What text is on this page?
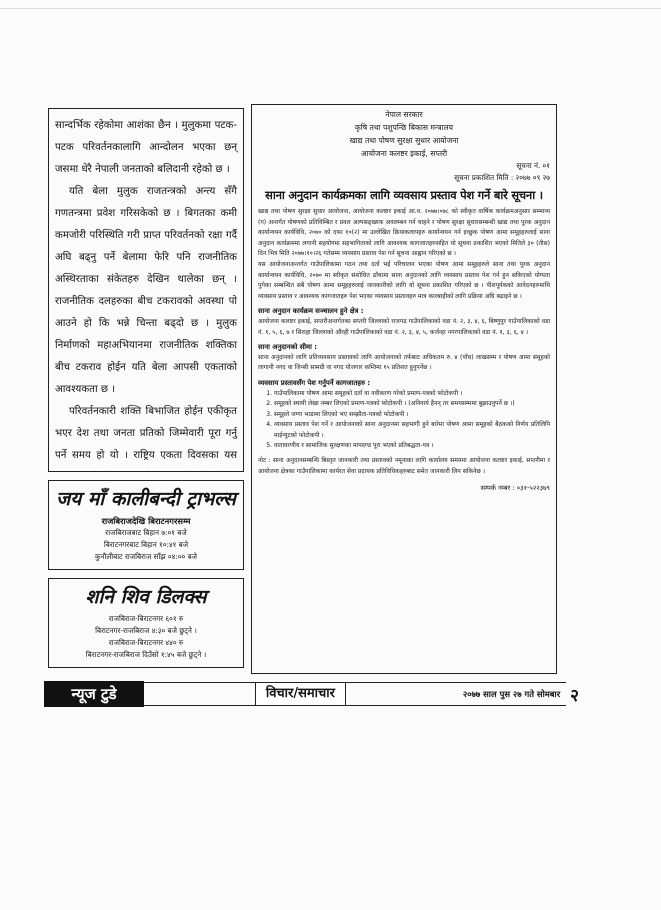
सान्दर्भिक रहेकोमा आशंका छैन । मुलुकमा पटक-पटक परिवर्तनकालागि आन्दोलन भएका छन् जसमा धेरै नेपाली जनताको बलिदानी रहेको छ ।

यति बेला मुलुक राजतन्त्रको अन्त्य सँगै गणतन्त्रमा प्रवेश गरिसकेको छ । बिगतका कमी कमजोरी परिस्थिति गरी प्राप्त परिवर्तनको रक्षा गर्दै अघि बढ्नु पर्ने बेलामा फेरि पनि राजनीतिक अस्थिरताका संकेतहरु देखिन थालेका छन् । राजनीतिक दलहरुका बीच टकरावको अवस्था पो आउने हो कि भन्ने चिन्ता बढ्दो छ । मुलुक निर्माणको महाअभियानमा राजनीतिक शक्तिका बीच टकराव होईन यति बेला आपसी एकताको आवश्यकता छ ।

परिवर्तनकारी शक्ति बिभाजित होईन एकीकृत भएर देश तथा जनता प्रतिको जिम्मेवारी पूरा गर्नु पर्ने समय हो यो । राष्ट्रिय एकता दिवसका यस

जय माँ कालीबन्दी ट्राभल्स
राजबिराजदेखि बिराटनगरसम्म
राजबिराजबाट बिहान ७:०१ बजे
बिराटनगरबाट बिहान १०:४१ बजे
कुनौलीबाट राजबिराज साँझ ०४:०० बजे
शनि शिव डिलक्स
राजबिराज-बिराटनगर ६०१ रु
बिराटनगर-राजबिराज ४:३० बजे छुट्ने ।
राजबिराज-बिराटनगर ४४० रु
बिराटनगर-राजबिराज दिउँसो १:४५ बजे छुट्ने ।
नेपाल सरकार
कृषि तथा पशुपन्छि बिकास मन्त्रालय
खाद्य तथा पोषण सुरक्षा सुधार आयोजना
आयोजना कलष्टर इकाई, सप्तरी
सूचना नं. ०१
सूचना प्रकाशित मिति : २०७७ ०९ २७
साना अनुदान कार्यक्रमका लागि व्यवसाय प्रस्ताव पेश गर्ने बारे सूचना ।

खाद्य तथा पोषण सुरक्षा सुधार आयोजना, आयोजना कलष्टर इकाई आ.व. २०७७।०७८ को स्वीकृत वार्षिक कार्यक्रमअनुसार सम्भाव्य (ग) अन्तर्गत पोषणको प्रतिविम्बित र प्रवल अल्पसङ्ख्यक अवलम्बन गर्न चाहने र पोषण सुरक्षा सुधारसम्बन्धी खाद्य तथा पूरक अनुदान कार्यान्वयन कार्यविधि, २०७० को दफा १०(२) मा उल्लेखित क्रियाकलापहरु कार्यान्वयन गर्न इच्छुक पोषण आमा समूहहरुलाई साना अनुदान कार्यक्रममा लगानी सहयोगमा सहभागिताको लागि आवश्यक कागजातहरुसहित यो सूचना प्रकाशित भएको मितिले ३० (तीस) दिन भित्र मिति २०७७।१०।२६ गतेसम्म व्यवसाय प्रस्ताव पेश गर्न सूचना आह्वान गरिएको छ ।

यस आयोजनाअन्तर्गत गाउँपालिकामा गठन तथा दर्ता भई परिचालन भएका पोषण आमा समूहहरुले साना तथा पूरक अनुदान कार्यान्वयन कार्यविधि, २०७० मा स्वीकृत संशोधित ढाँचामा साना अनुदानको लागि व्यवसाय प्रस्ताव पेश गर्न हुन सकिएको योग्यता पुगेका सम्बन्धित सबै पोषण आमा समूहहरुलाई जानकारीको लागि यो सूचना प्रकाशित गरिएको छ । पीशपूर्वकको आवेदनहरुमाथि व्यवसाय प्रस्ताव र आवश्यक कागजातहरु पेश भएका व्यवसाय प्रस्तावहरु मात्र कारबाहीको लागि प्रक्रिया अघि बढाइने छ ।

साना अनुदान कार्यक्रम सञ्चालन हुने क्षेत्र :

आयोजना कलष्टर इकाई, सप्तरीअन्तर्गतका सप्तरी जिल्लाको राजगढ गाउँपालिकाको वडा नं. २, ३, ४, ६, बिष्णुपुर गाउँपालिकाको वडा नं. १, ५, ६, ७ र सिराहा जिल्लाको औरही गाउँपालिकाको वडा नं. २, ३, ४, ५, कर्जन्हा नगरपालिकाको वडा नं. १, ३, ६, ४ ।

साना अनुदानको सीमा :

साना अनुदानको लागि प्रतिव्यवसाय प्रस्तावको लागि आयोजनाको तर्फबाट अधिकतम रु. ४ (पाँच) लाखसम्म र पोषण आमा समूहको लागानी नगद वा जिन्सी सामग्री वा नगद योजगार कम्तिमा १५ प्रतिशत हुनुपर्नेछ ।

व्यवसाय प्रस्तावसँग पेश गर्नुपर्ने कागजातहरु :

1. गाउँपालिकामा पोषण आमा समूहको दर्ता वा नवीकरण गरेको प्रमाण-पत्रको फोटोकपी ।
2. समूहको स्थायी लेखा नम्बर लिएको प्रमाण-पत्रको फोटोकपी । (अनिवार्य हैनन् तर समयसम्ममा बुझाउनुपर्ने छ ।)
3. समूहले जग्गा भाडामा लिएको भए सम्झौता-पत्रको फोटोकपी ।
4. व्यवसाय प्रस्ताव पेश गर्ने र आयोजनाको साना अनुदानमा सहभागी हुने बारेमा पोषण आमा समूहको बैठकको निर्णय प्रतिलिपि माईन्युटको फोटोकपी ।
5. वातावरणीय र सामाजिक सुरक्षणका मापदण्ड पूरा भएको प्रतिबद्धता-पत्र ।

नोट : साना अनुदानसम्बन्धि बिस्तृत जानकारी तथा प्रस्तावको नमूनाका लागि कार्यालय समयमा आयोजना कलष्टर इकाई, सप्तरीमा र आयोजना क्षेत्रका गाउँपालिकामा कार्यरत सेवा प्रदायक प्रतिविधिकहरुबाट समेत जानकारी लिन सकिनेछ ।

सम्पर्क नम्बर : ०३१-५२२३७९
न्यूज टुडे	विचार/समाचार	२०७७ साल पुस २७ गते सोमबार २
